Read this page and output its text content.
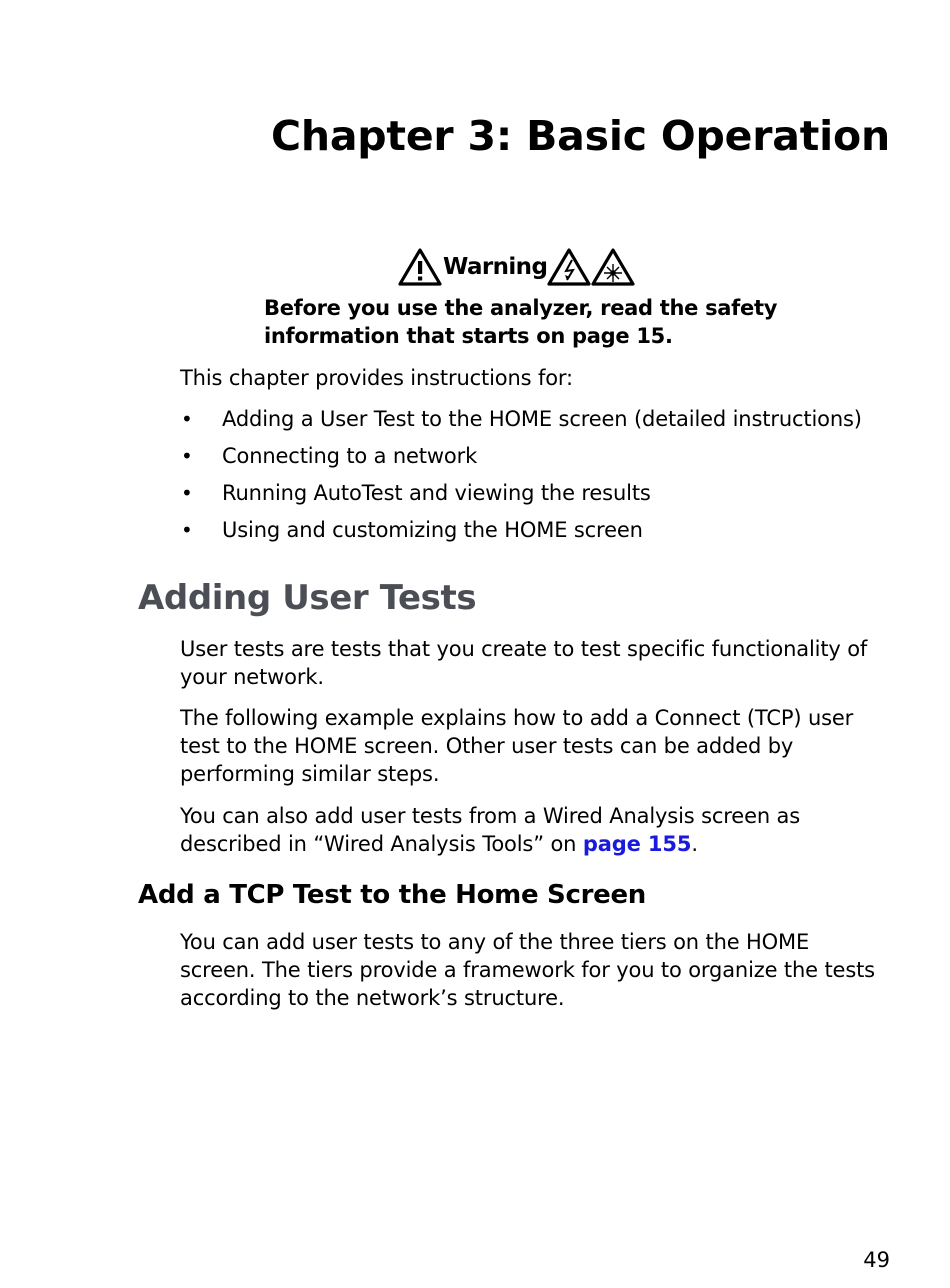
Chapter 3: Basic Operation
Warning

Before you use the analyzer, read the safety information that starts on page 15.

This chapter provides instructions for:

• Adding a User Test to the HOME screen (detailed instructions)
• Connecting to a network
• Running AutoTest and viewing the results
• Using and customizing the HOME screen
Adding User Tests

User tests are tests that you create to test specific functionality of your network.

The following example explains how to add a Connect (TCP) user test to the HOME screen. Other user tests can be added by performing similar steps.

You can also add user tests from a Wired Analysis screen as described in “Wired Analysis Tools” on page 155.

Add a TCP Test to the Home Screen

You can add user tests to any of the three tiers on the HOME screen. The tiers provide a framework for you to organize the tests according to the network’s structure.

49
